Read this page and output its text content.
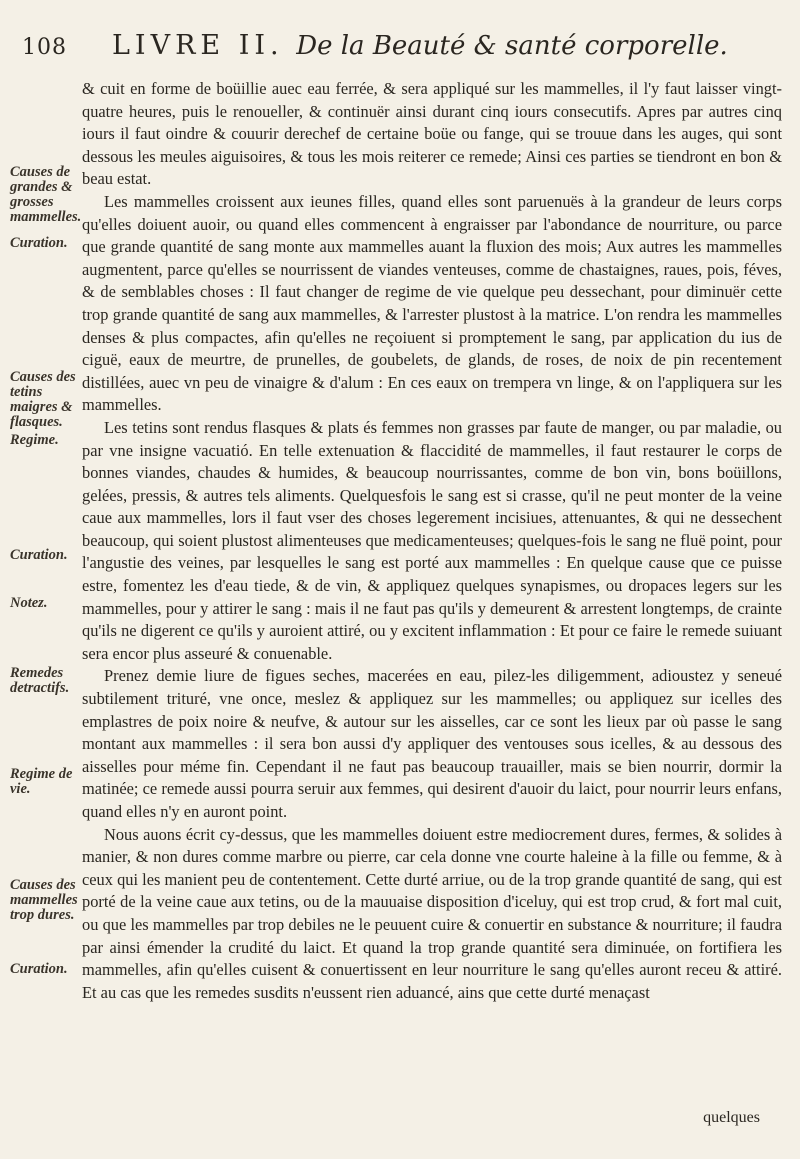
108	LIVRE II. De la Beauté & santé corporelle.
Causes de grandes & grosses mammelles.
Curation.
Causes des tetins maigres & flasques.
Regime.
Curation.
Notez.
Remedes detractifs.
Regime de vie.
Causes des mammelles trop dures.
Curation.

& cuit en forme de boüillie auec eau ferrée, & sera appliqué sur les mammelles, il l'y faut laisser vingt-quatre heures, puis le renoueller, & continuër ainsi durant cinq iours consecutifs. Apres par autres cinq iours il faut oindre & couurir derechef de certaine boüe ou fange, qui se trouue dans les auges, qui sont dessous les meules aiguisoires, & tous les mois reiterer ce remede; Ainsi ces parties se tiendront en bon & beau estat.

Les mammelles croissent aux ieunes filles, quand elles sont paruenuës à la grandeur de leurs corps qu'elles doiuent auoir, ou quand elles commencent à engraisser par l'abondance de nourriture, ou parce que grande quantité de sang monte aux mammelles auant la fluxion des mois; Aux autres les mammelles augmentent, parce qu'elles se nourrissent de viandes venteuses, comme de chastaignes, raues, pois, féves, & de semblables choses : Il faut changer de regime de vie quelque peu dessechant, pour diminuër cette trop grande quantité de sang aux mammelles, & l'arrester plustost à la matrice. L'on rendra les mammelles denses & plus compactes, afin qu'elles ne reçoiuent si promptement le sang, par application du ius de ciguë, eaux de meurtre, de prunelles, de goubelets, de glands, de roses, de noix de pin recentement distillées, auec vn peu de vinaigre & d'alum : En ces eaux on trempera vn linge, & on l'appliquera sur les mammelles.

Les tetins sont rendus flasques & plats és femmes non grasses par faute de manger, ou par maladie, ou par vne insigne vacuatió. En telle extenuation & flaccidité de mammelles, il faut restaurer le corps de bonnes viandes, chaudes & humides, & beaucoup nourrissantes, comme de bon vin, bons boüillons, gelées, pressis, & autres tels aliments. Quelquesfois le sang est si crasse, qu'il ne peut monter de la veine caue aux mammelles, lors il faut vser des choses legerement incisiues, attenuantes, & qui ne dessechent beaucoup, qui soient plustost alimenteuses que medicamenteuses; quelques-fois le sang ne fluë point, pour l'angustie des veines, par lesquelles le sang est porté aux mammelles : En quelque cause que ce puisse estre, fomentez les d'eau tiede, & de vin, & appliquez quelques synapismes, ou dropaces legers sur les mammelles, pour y attirer le sang : mais il ne faut pas qu'ils y demeurent & arrestent longtemps, de crainte qu'ils ne digerent ce qu'ils y auroient attiré, ou y excitent inflammation : Et pour ce faire le remede suiuant sera encor plus asseuré & conuenable.

Prenez demie liure de figues seches, macerées en eau, pilez-les diligemment, adioustez y seneué subtilement trituré, vne once, meslez & appliquez sur les mammelles; ou appliquez sur icelles des emplastres de poix noire & neufve, & autour sur les aisselles, car ce sont les lieux par où passe le sang montant aux mammelles : il sera bon aussi d'y appliquer des ventouses sous icelles, & au dessous des aisselles pour méme fin. Cependant il ne faut pas beaucoup trauailler, mais se bien nourrir, dormir la matinée; ce remede aussi pourra seruir aux femmes, qui desirent d'auoir du laict, pour nourrir leurs enfans, quand elles n'y en auront point.

Nous auons écrit cy-dessus, que les mammelles doiuent estre mediocrement dures, fermes, & solides à manier, & non dures comme marbre ou pierre, car cela donne vne courte haleine à la fille ou femme, & à ceux qui les manient peu de contentement. Cette durté arriue, ou de la trop grande quantité de sang, qui est porté de la veine caue aux tetins, ou de la mauuaise disposition d'iceluy, qui est trop crud, & fort mal cuit, ou que les mammelles par trop debiles ne le peuuent cuire & conuertir en substance & nourriture; il faudra par ainsi émender la crudité du laict. Et quand la trop grande quantité sera diminuée, on fortifiera les mammelles, afin qu'elles cuisent & conuertissent en leur nourriture le sang qu'elles auront receu & attiré. Et au cas que les remedes susdits n'eussent rien aduancé, ains que cette durté menaçast

quelques
